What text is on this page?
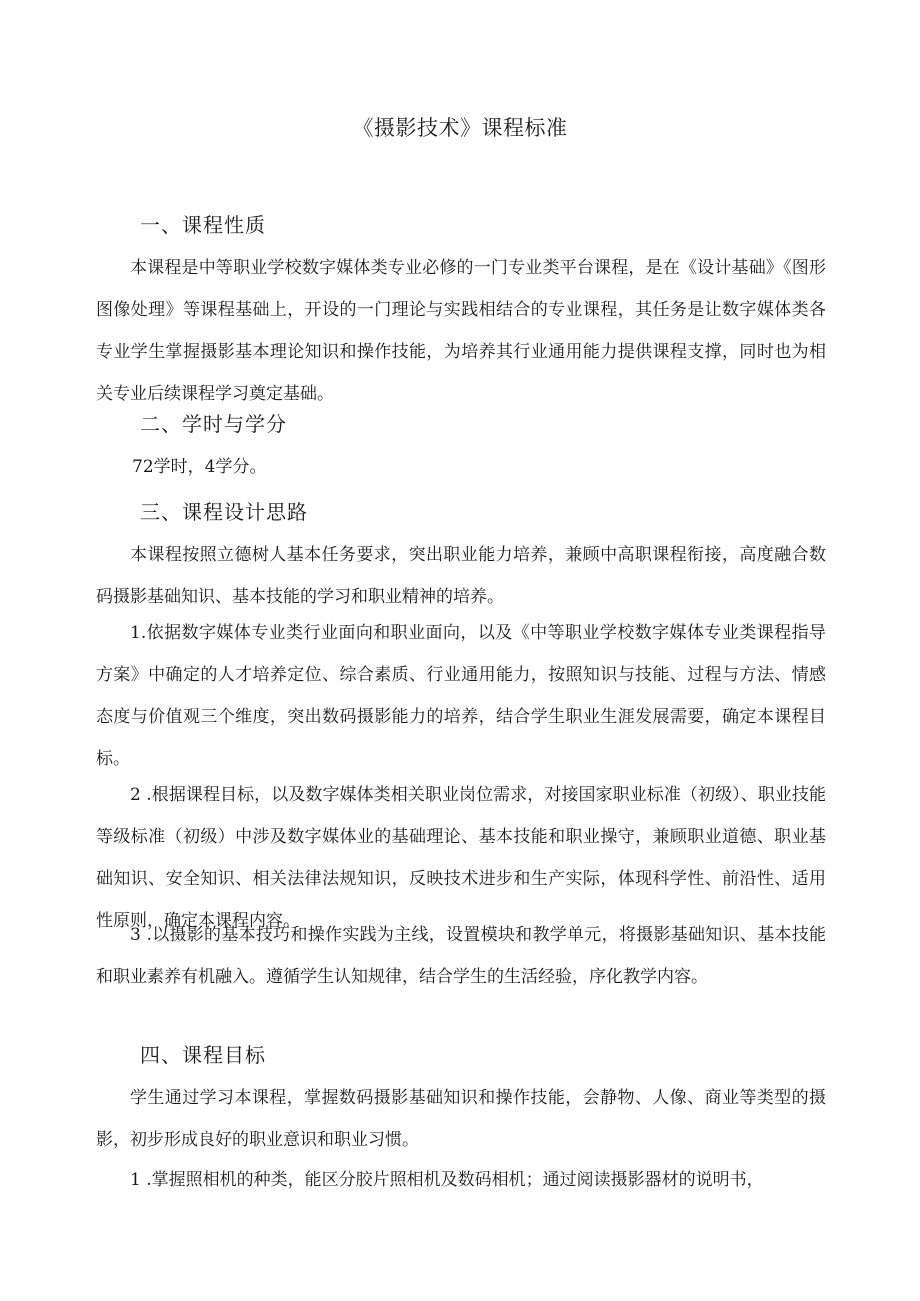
《摄影技术》课程标准
一、课程性质

本课程是中等职业学校数字媒体类专业必修的一门专业类平台课程，是在《设计基础》《图形图像处理》等课程基础上，开设的一门理论与实践相结合的专业课程，其任务是让数字媒体类各专业学生掌握摄影基本理论知识和操作技能，为培养其行业通用能力提供课程支撑，同时也为相关专业后续课程学习奠定基础。

二、学时与学分

72学时，4学分。

三、课程设计思路

本课程按照立德树人基本任务要求，突出职业能力培养，兼顾中高职课程衔接，高度融合数码摄影基础知识、基本技能的学习和职业精神的培养。

1.依据数字媒体专业类行业面向和职业面向，以及《中等职业学校数字媒体专业类课程指导方案》中确定的人才培养定位、综合素质、行业通用能力，按照知识与技能、过程与方法、情感态度与价值观三个维度，突出数码摄影能力的培养，结合学生职业生涯发展需要，确定本课程目标。

2 .根据课程目标，以及数字媒体类相关职业岗位需求，对接国家职业标准（初级）、职业技能等级标准（初级）中涉及数字媒体业的基础理论、基本技能和职业操守，兼顾职业道德、职业基础知识、安全知识、相关法律法规知识，反映技术进步和生产实际，体现科学性、前沿性、适用性原则，确定本课程内容。

3 .以摄影的基本技巧和操作实践为主线，设置模块和教学单元，将摄影基础知识、基本技能和职业素养有机融入。遵循学生认知规律，结合学生的生活经验，序化教学内容。

四、课程目标

学生通过学习本课程，掌握数码摄影基础知识和操作技能，会静物、人像、商业等类型的摄影，初步形成良好的职业意识和职业习惯。

1 .掌握照相机的种类，能区分胶片照相机及数码相机；通过阅读摄影器材的说明书，
